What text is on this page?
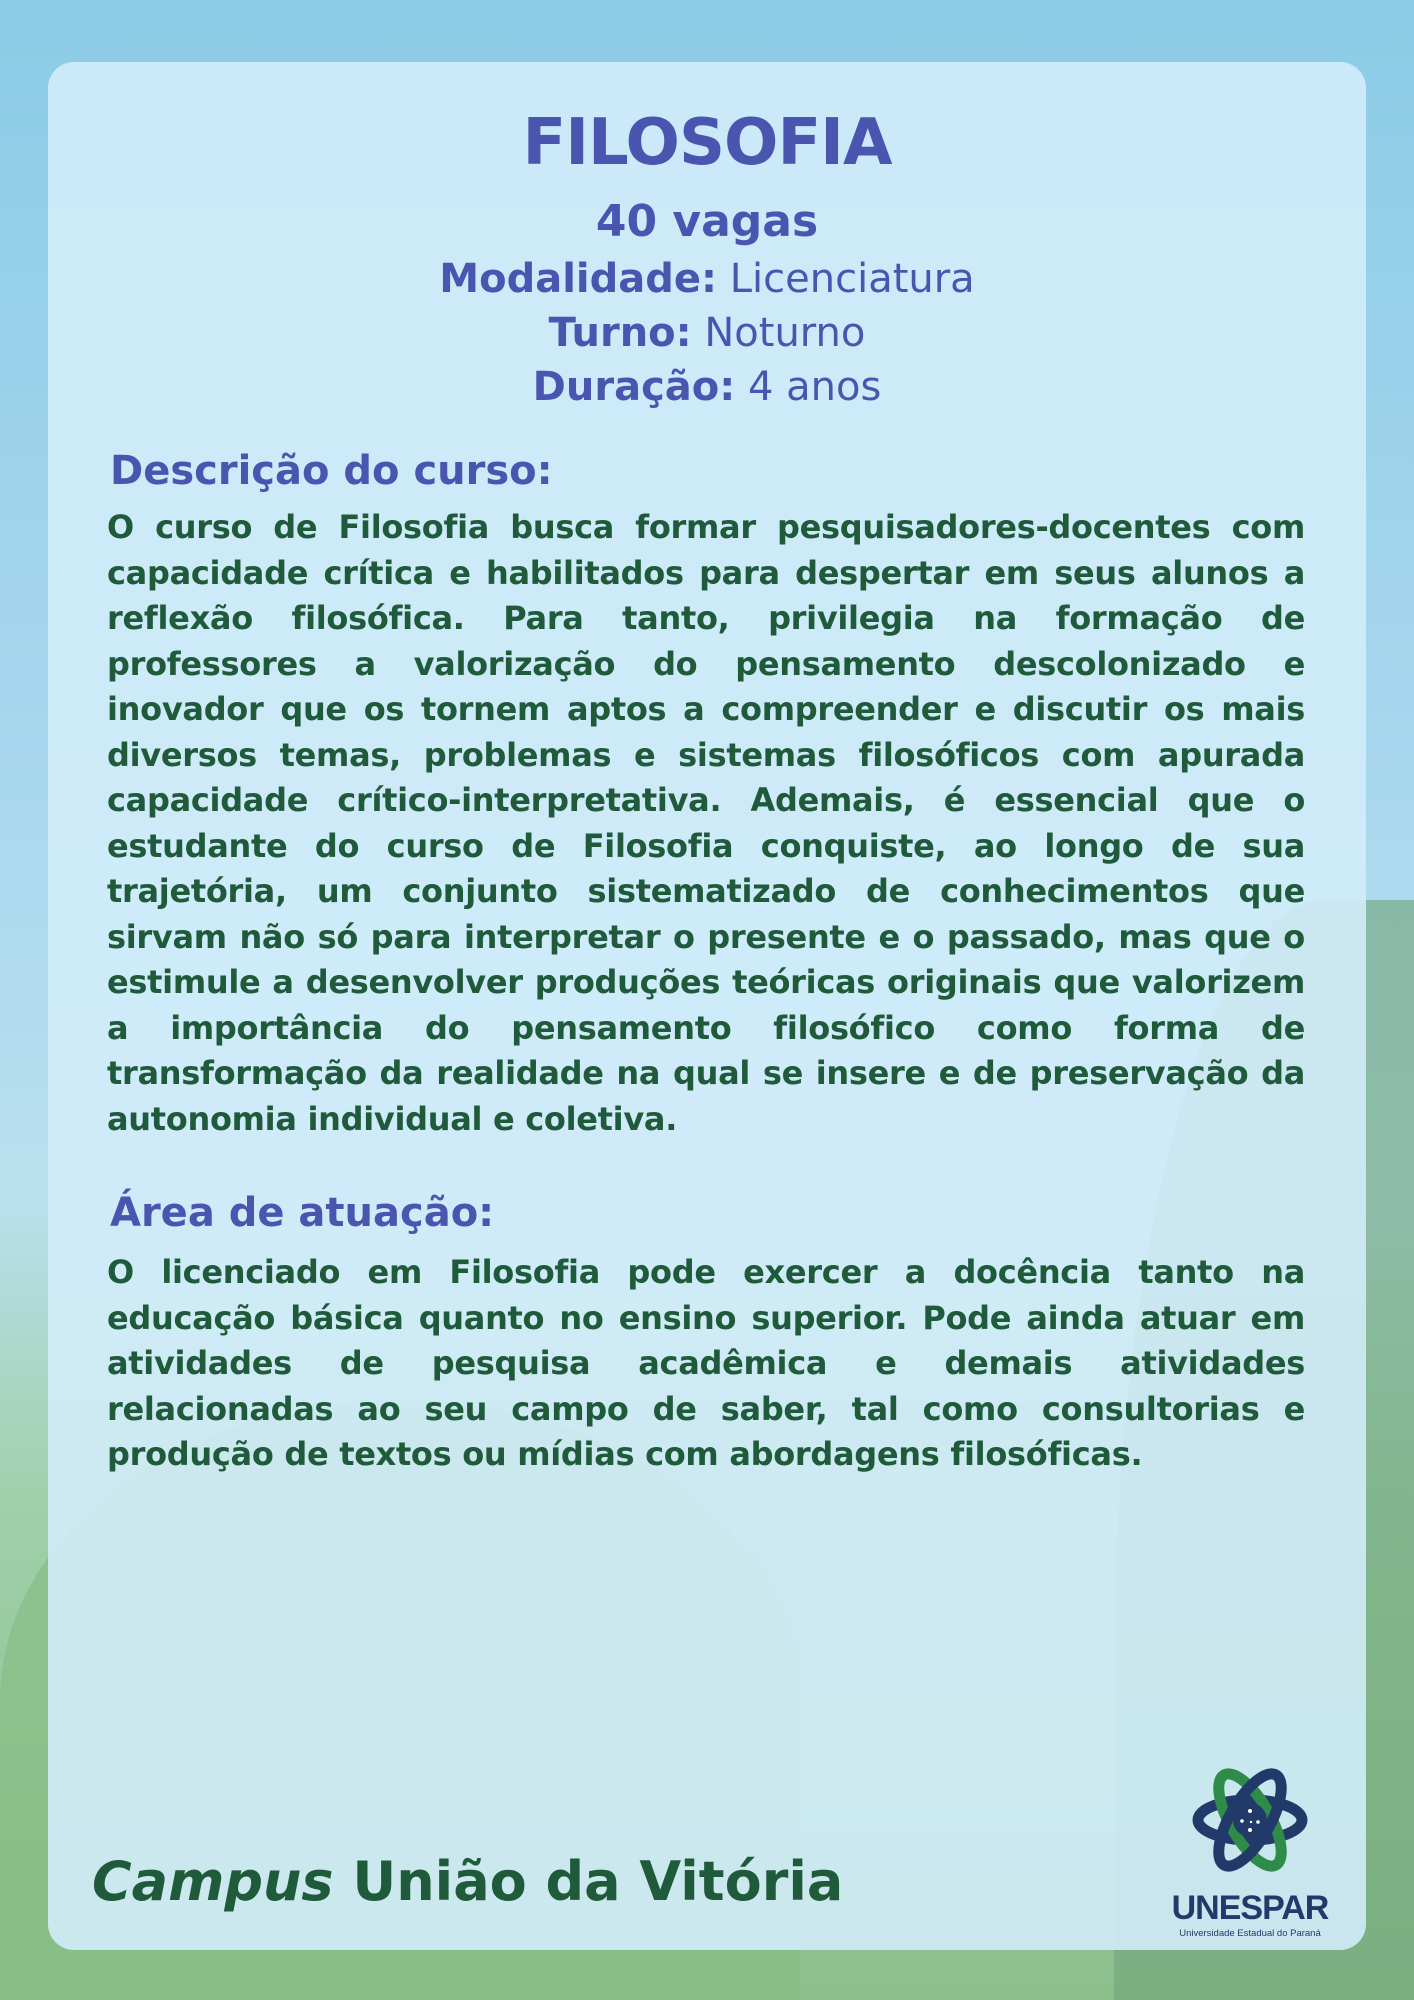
FILOSOFIA
40 vagas
Modalidade: Licenciatura
Turno: Noturno
Duração: 4 anos
Descrição do curso:
O curso de Filosofia busca formar pesquisadores-docentes com capacidade crítica e habilitados para despertar em seus alunos a reflexão filosófica. Para tanto, privilegia na formação de professores a valorização do pensamento descolonizado e inovador que os tornem aptos a compreender e discutir os mais diversos temas, problemas e sistemas filosóficos com apurada capacidade crítico-interpretativa. Ademais, é essencial que o estudante do curso de Filosofia conquiste, ao longo de sua trajetória, um conjunto sistematizado de conhecimentos que sirvam não só para interpretar o presente e o passado, mas que o estimule a desenvolver produções teóricas originais que valorizem a importância do pensamento filosófico como forma de transformação da realidade na qual se insere e de preservação da autonomia individual e coletiva.
Área de atuação:
O licenciado em Filosofia pode exercer a docência tanto na educação básica quanto no ensino superior. Pode ainda atuar em atividades de pesquisa acadêmica e demais atividades relacionadas ao seu campo de saber, tal como consultorias e produção de textos ou mídias com abordagens filosóficas.
Campus União da Vitória	UNESPAR
Universidade Estadual do Paraná
